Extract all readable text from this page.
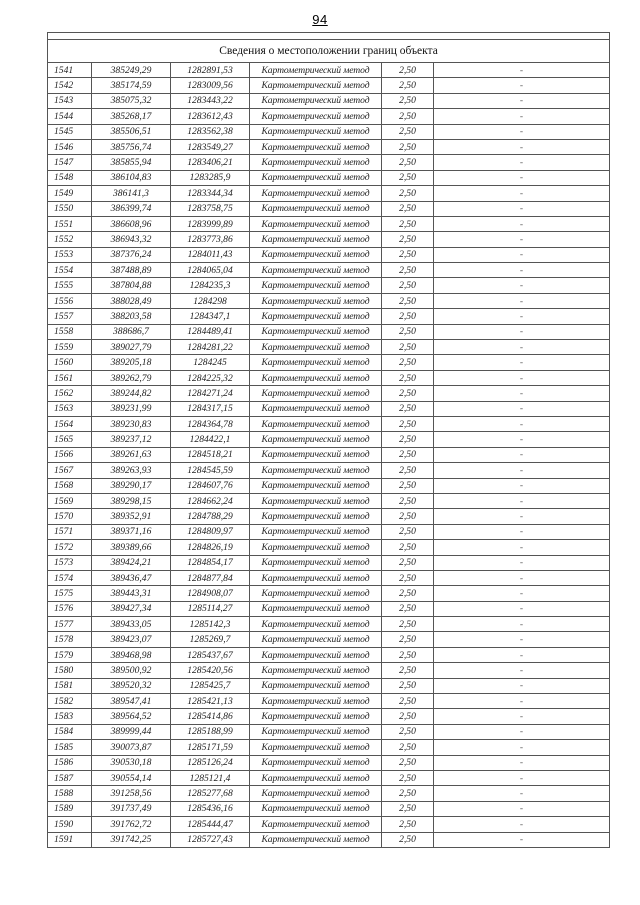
94

Сведения о местоположении границ объекта					
1541	385249,29	1282891,53	Картометрический метод	2,50	-
1542	385174,59	1283009,56	Картометрический метод	2,50	-
1543	385075,32	1283443,22	Картометрический метод	2,50	-
1544	385268,17	1283612,43	Картометрический метод	2,50	-
1545	385506,51	1283562,38	Картометрический метод	2,50	-
1546	385756,74	1283549,27	Картометрический метод	2,50	-
1547	385855,94	1283406,21	Картометрический метод	2,50	-
1548	386104,83	1283285,9	Картометрический метод	2,50	-
1549	386141,3	1283344,34	Картометрический метод	2,50	-
1550	386399,74	1283758,75	Картометрический метод	2,50	-
1551	386608,96	1283999,89	Картометрический метод	2,50	-
1552	386943,32	1283773,86	Картометрический метод	2,50	-
1553	387376,24	1284011,43	Картометрический метод	2,50	-
1554	387488,89	1284065,04	Картометрический метод	2,50	-
1555	387804,88	1284235,3	Картометрический метод	2,50	-
1556	388028,49	1284298	Картометрический метод	2,50	-
1557	388203,58	1284347,1	Картометрический метод	2,50	-
1558	388686,7	1284489,41	Картометрический метод	2,50	-
1559	389027,79	1284281,22	Картометрический метод	2,50	-
1560	389205,18	1284245	Картометрический метод	2,50	-
1561	389262,79	1284225,32	Картометрический метод	2,50	-
1562	389244,82	1284271,24	Картометрический метод	2,50	-
1563	389231,99	1284317,15	Картометрический метод	2,50	-
1564	389230,83	1284364,78	Картометрический метод	2,50	-
1565	389237,12	1284422,1	Картометрический метод	2,50	-
1566	389261,63	1284518,21	Картометрический метод	2,50	-
1567	389263,93	1284545,59	Картометрический метод	2,50	-
1568	389290,17	1284607,76	Картометрический метод	2,50	-
1569	389298,15	1284662,24	Картометрический метод	2,50	-
1570	389352,91	1284788,29	Картометрический метод	2,50	-
1571	389371,16	1284809,97	Картометрический метод	2,50	-
1572	389389,66	1284826,19	Картометрический метод	2,50	-
1573	389424,21	1284854,17	Картометрический метод	2,50	-
1574	389436,47	1284877,84	Картометрический метод	2,50	-
1575	389443,31	1284908,07	Картометрический метод	2,50	-
1576	389427,34	1285114,27	Картометрический метод	2,50	-
1577	389433,05	1285142,3	Картометрический метод	2,50	-
1578	389423,07	1285269,7	Картометрический метод	2,50	-
1579	389468,98	1285437,67	Картометрический метод	2,50	-
1580	389500,92	1285420,56	Картометрический метод	2,50	-
1581	389520,32	1285425,7	Картометрический метод	2,50	-
1582	389547,41	1285421,13	Картометрический метод	2,50	-
1583	389564,52	1285414,86	Картометрический метод	2,50	-
1584	389999,44	1285188,99	Картометрический метод	2,50	-
1585	390073,87	1285171,59	Картометрический метод	2,50	-
1586	390530,18	1285126,24	Картометрический метод	2,50	-
1587	390554,14	1285121,4	Картометрический метод	2,50	-
1588	391258,56	1285277,68	Картометрический метод	2,50	-
1589	391737,49	1285436,16	Картометрический метод	2,50	-
1590	391762,72	1285444,47	Картометрический метод	2,50	-
1591	391742,25	1285727,43	Картометрический метод	2,50	-
